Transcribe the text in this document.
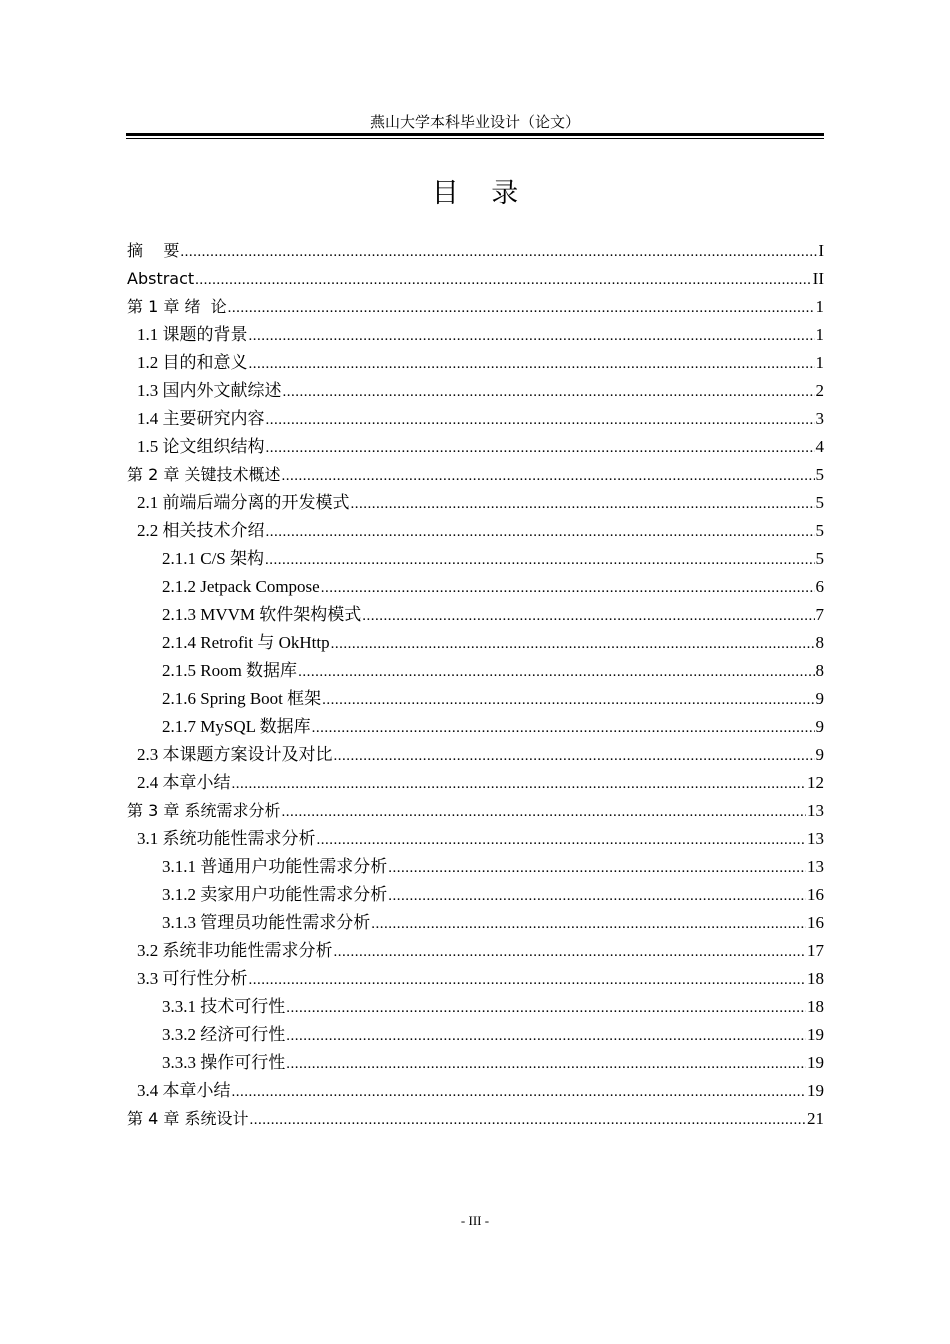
燕山大学本科毕业设计（论文）
目 录
摘    要 .....	I
Abstract .....	II
第 1 章 绪  论 .....	1
1.1 课题的背景 .....	1
1.2 目的和意义 .....	1
1.3 国内外文献综述 .....	2
1.4 主要研究内容 .....	3
1.5 论文组织结构 .....	4
第 2 章 关键技术概述 .....	5
2.1 前端后端分离的开发模式 .....	5
2.2 相关技术介绍 .....	5
2.1.1 C/S 架构 .....	5
2.1.2 Jetpack Compose .....	6
2.1.3 MVVM 软件架构模式 .....	7
2.1.4 Retrofit 与 OkHttp .....	8
2.1.5 Room 数据库 .....	8
2.1.6 Spring Boot 框架 .....	9
2.1.7 MySQL 数据库 .....	9
2.3 本课题方案设计及对比 .....	9
2.4 本章小结 .....	12
第 3 章 系统需求分析 .....	13
3.1 系统功能性需求分析 .....	13
3.1.1 普通用户功能性需求分析 .....	13
3.1.2 卖家用户功能性需求分析 .....	16
3.1.3 管理员功能性需求分析 .....	16
3.2 系统非功能性需求分析 .....	17
3.3 可行性分析 .....	18
3.3.1 技术可行性 .....	18
3.3.2 经济可行性 .....	19
3.3.3 操作可行性 .....	19
3.4 本章小结 .....	19
第 4 章 系统设计 .....	21
- III -
